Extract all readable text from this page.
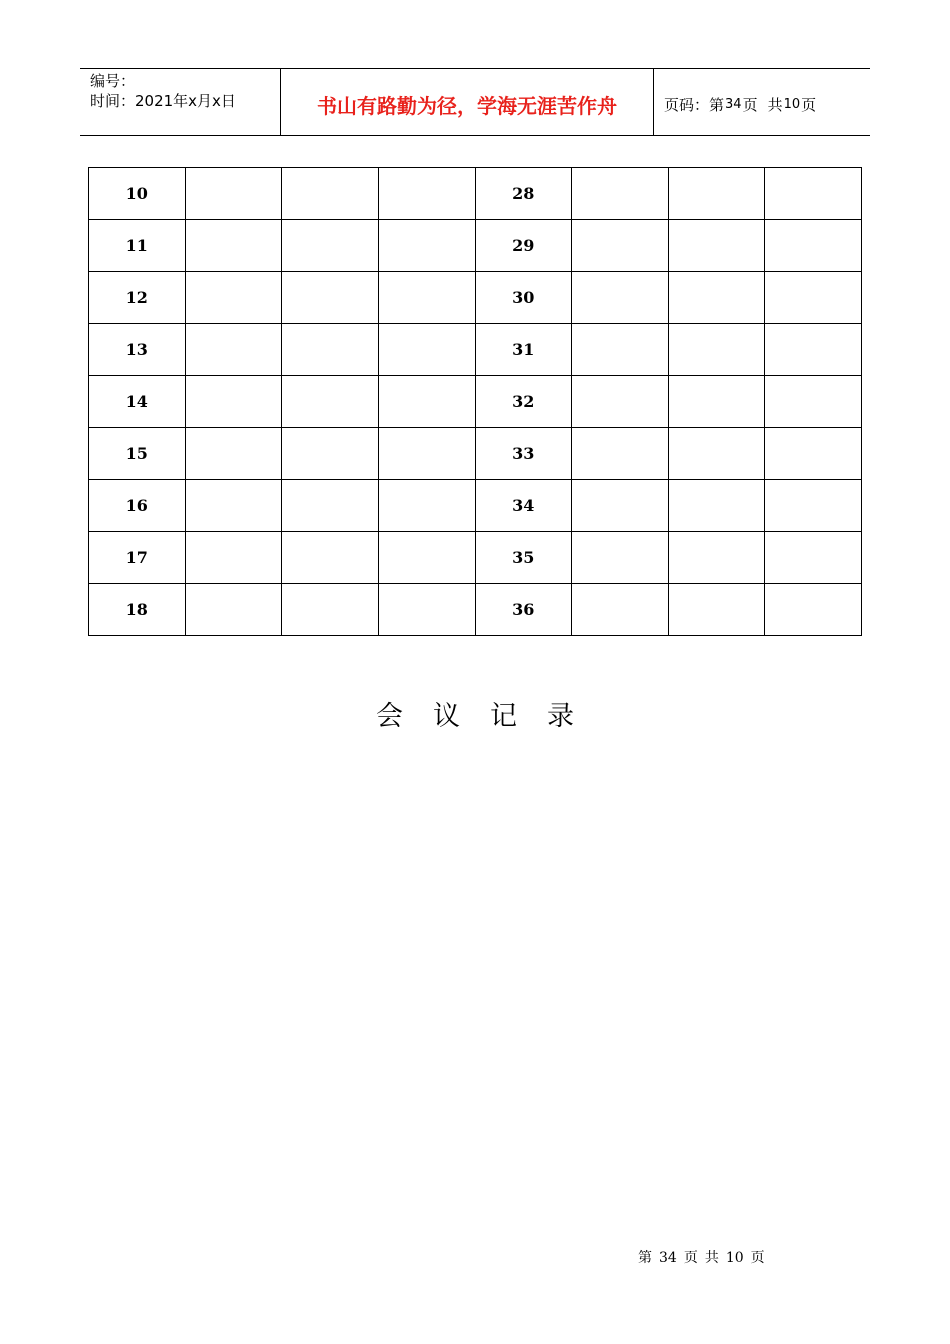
编号：
时间：2021年x月x日	书山有路勤为径，学海无涯苦作舟	页码：第 34 页 共 10 页
10				28			
11				29			
12				30			
13				31			
14				32			
15				33			
16				34			
17				35			
18				36			
会议记录
第 34 页 共 10 页
